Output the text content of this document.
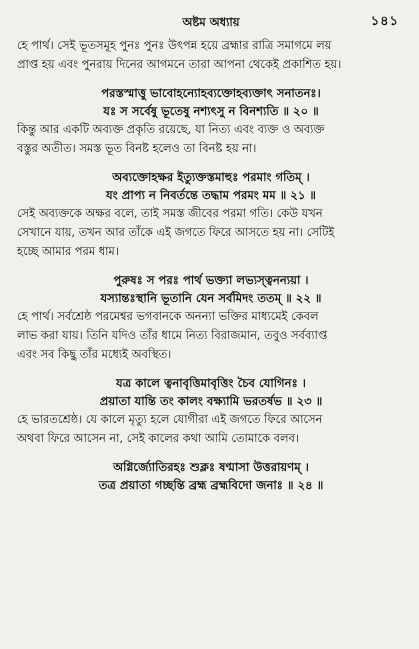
অষ্টম অধ্যায়	১৪১

হে পার্থ। সেই ভূতসমূহ পুনঃ পুনঃ উৎপন্ন হয়ে ব্রহ্মার রাত্রি সমাগমে লয়
প্রাপ্ত হয় এবং পুনরায় দিনের আগমনে তারা আপনা থেকেই প্রকাশিত হয়।

পরস্তস্মাত্তু ভাবোহন্যোহব্যক্তোহব্যক্তাৎ সনাতনঃ।
যঃ স সর্বেষু ভূতেষু নশ্যৎসু ন বিনশ্যতি ॥ ২০ ॥

কিন্তু আর একটি অব্যক্ত প্রকৃতি রয়েছে, যা নিত্য এবং ব্যক্ত ও অব্যক্ত
বস্তুর অতীত। সমস্ত ভূত বিনষ্ট হলেও তা বিনষ্ট হয় না।

অব্যক্তোহক্ষর ইত্যুক্তস্তমাহুঃ পরমাং গতিম্ ।
যং প্রাপ্য ন নিবর্তন্তে তদ্ধাম পরমং মম ॥ ২১ ॥

সেই অব্যক্তকে অক্ষর বলে, তাই সমস্ত জীবের পরমা গতি। কেউ যখন
সেখানে যায়, তখন আর তাঁকে এই জগতে ফিরে আসতে হয় না। সেটিই
হচ্ছে আমার পরম ধাম।

পুরুষঃ স পরঃ পার্থ ভক্ত্যা লভ্যস্ত্বনন্যয়া ।
যস্যান্তঃস্থানি ভূতানি যেন সর্বমিদং ততম্ ॥ ২২ ॥

হে পার্থ। সর্বশ্রেষ্ঠ পরমেশ্বর ভগবানকে অনন্যা ভক্তির মাধ্যমেই কেবল
লাভ করা যায়। তিনি যদিও তাঁর ধামে নিত্য বিরাজমান, তবুও সর্বব্যাপ্ত
এবং সব কিছু তাঁর মধ্যেই অবস্থিত।

যত্র কালে ত্বনাবৃত্তিমাবৃত্তিং চৈব যোগিনঃ ।
প্রয়াতা যান্তি তং কালং বক্ষ্যামি ভরতর্ষভ ॥ ২৩ ॥

হে ভারতশ্রেষ্ঠ। যে কালে মৃত্যু হলে যোগীরা এই জগতে ফিরে আসেন
অথবা ফিরে আসেন না, সেই কালের কথা আমি তোমাকে বলব।

অগ্নির্জ্যোতিরহঃ শুক্লঃ ষণ্মাসা উত্তরায়ণম্ ।
তত্র প্রয়াতা গচ্ছন্তি ব্রহ্ম ব্রহ্মবিদো জনাঃ ॥ ২৪ ॥
